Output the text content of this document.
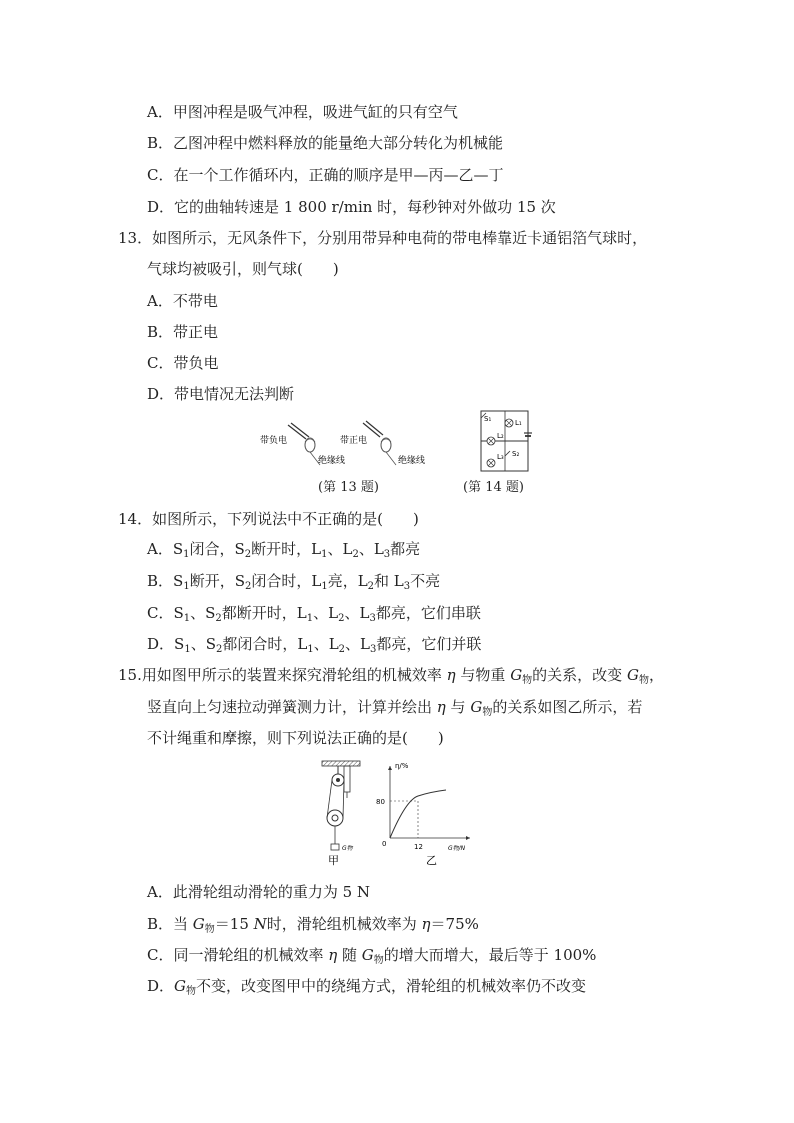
A．甲图冲程是吸气冲程，吸进气缸的只有空气
B．乙图冲程中燃料释放的能量绝大部分转化为机械能
C．在一个工作循环内，正确的顺序是甲—丙—乙—丁
D．它的曲轴转速是 1 800 r/min 时，每秒钟对外做功 15 次
13．如图所示，无风条件下，分别用带异种电荷的带电棒靠近卡通铝箔气球时，
气球均被吸引，则气球(　　)
A．不带电
B．带正电
C．带负电
D．带电情况无法判断
带负电	带正电
绝缘线	绝缘线
(第 13 题)
S₁	L₁
L₂
S₂
L₃
(第 14 题)
14．如图所示，下列说法中不正确的是(　　)
A．$S_1$闭合，$S_2$断开时，$L_1$、$L_2$、$L_3$都亮
B．$S_1$断开，$S_2$闭合时，$L_1$亮，$L_2$和 $L_3$不亮
C．$S_1$、$S_2$都断开时，$L_1$、$L_2$、$L_3$都亮，它们串联
D．$S_1$、$S_2$都闭合时，$L_1$、$L_2$、$L_3$都亮，它们并联
15.用如图甲所示的装置来探究滑轮组的机械效率 η 与物重 $G_物$的关系，改变 $G_物$，
竖直向上匀速拉动弹簧测力计，计算并绘出 η 与 $G_物$的关系如图乙所示，若
不计绳重和摩擦，则下列说法正确的是(　　)
G物
甲
η/%
80
0	12	G物/N
乙
A．此滑轮组动滑轮的重力为 5 N
B．当 $G_物=15$ N时，滑轮组机械效率为 η＝75%
C．同一滑轮组的机械效率 η 随 $G_物$的增大而增大，最后等于 100%
D．$G_物$不变，改变图甲中的绕绳方式，滑轮组的机械效率仍不改变
